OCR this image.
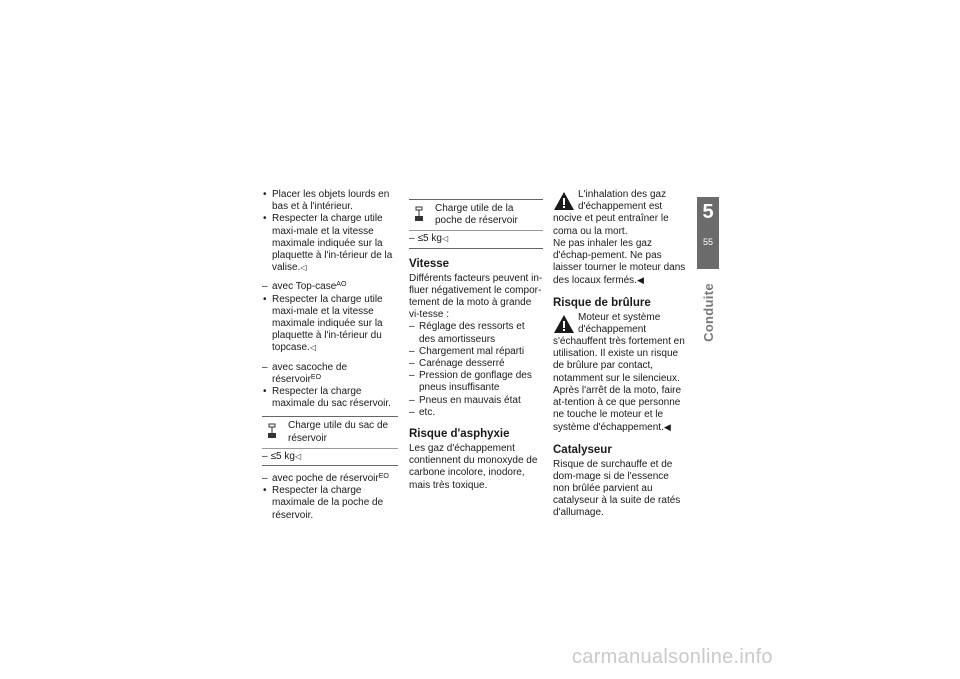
• Placer les objets lourds en bas et à l'intérieur.
• Respecter la charge utile maxi-male et la vitesse maximale indiquée sur la plaquette à l'in-térieur de la valise.◁
– avec Top-case$^{AO}$
• Respecter la charge utile maxi-male et la vitesse maximale indiquée sur la plaquette à l'in-térieur du topcase.◁
– avec sacoche de réservoir$^{EO}$
• Respecter la charge maximale du sac réservoir.
Charge utile du sac de réservoir
– ≤5 kg◁
– avec poche de réservoir$^{EO}$
• Respecter la charge maximale de la poche de réservoir.
Charge utile de la poche de réservoir
– ≤5 kg◁
Vitesse

Différents facteurs peuvent in-fluer négativement le compor-tement de la moto à grande vi-tesse :

– Réglage des ressorts et des amortisseurs
– Chargement mal réparti
– Carénage desserré
– Pression de gonflage des pneus insuffisante
– Pneus en mauvais état
– etc.
Risque d'asphyxie

Les gaz d'échappement contiennent du monoxyde de carbone incolore, inodore, mais très toxique.

L'inhalation des gaz d'échappement est nocive et peut entraîner le coma ou la mort.

Ne pas inhaler les gaz d'échap-pement. Ne pas laisser tourner le moteur dans des locaux fermés.◀

Risque de brûlure

Moteur et système d'échappement s'échauffent très fortement en utilisation. Il existe un risque de brûlure par contact, notamment sur le silencieux.

Après l'arrêt de la moto, faire at-tention à ce que personne ne touche le moteur et le système d'échappement.◀

Catalyseur

Risque de surchauffe et de dom-mage si de l'essence non brûlée parvient au catalyseur à la suite de ratés d'allumage.

5
55
Conduite
carmanualsonline.info
